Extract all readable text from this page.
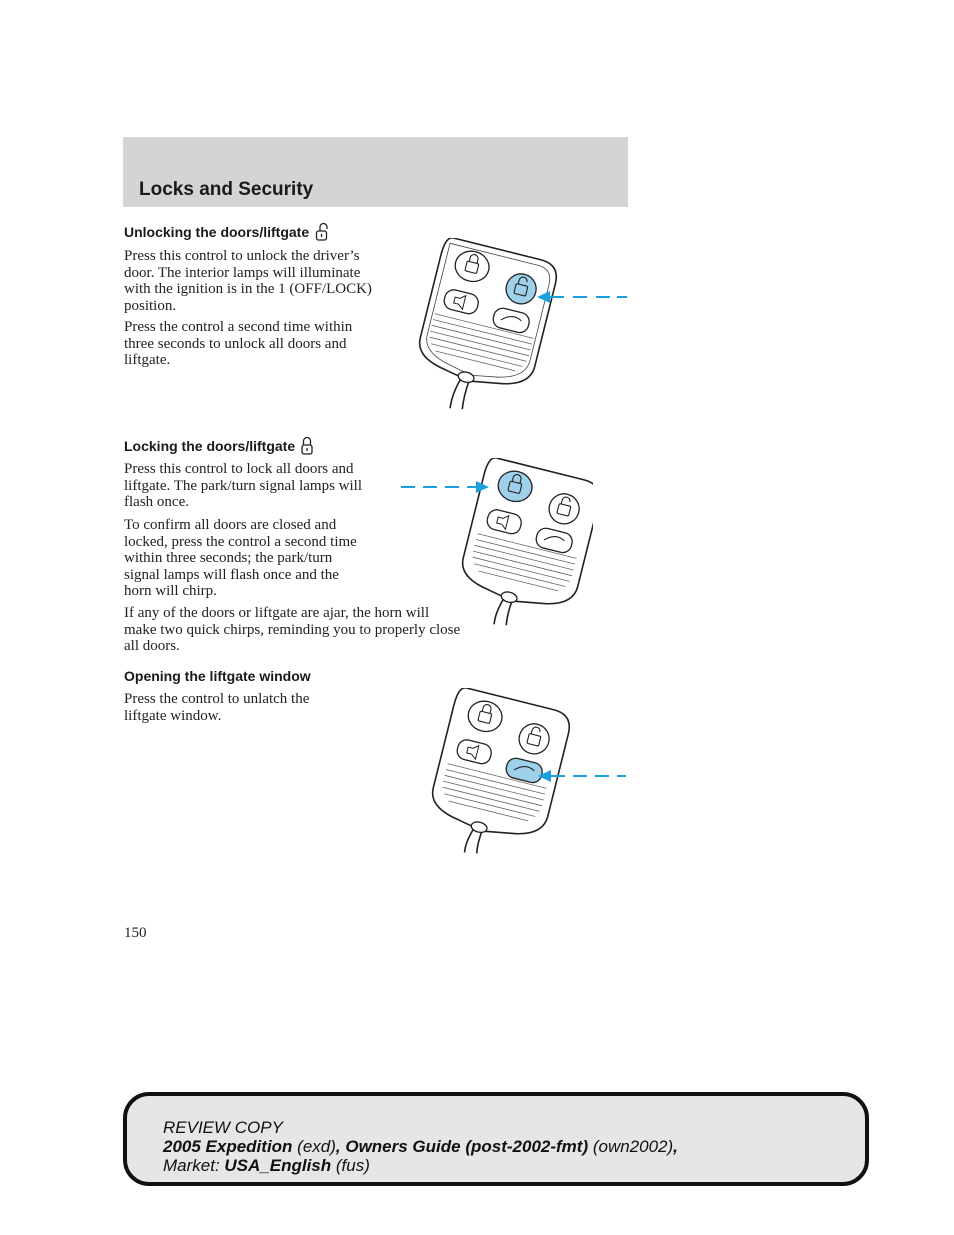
Locks and Security
Unlocking the doors/liftgate
Press this control to unlock the driver’s door. The interior lamps will illuminate with the ignition is in the 1 (OFF/LOCK) position.
Press the control a second time within three seconds to unlock all doors and liftgate.
Locking the doors/liftgate
Press this control to lock all doors and liftgate. The park/turn signal lamps will flash once.
To confirm all doors are closed and locked, press the control a second time within three seconds; the park/turn signal lamps will flash once and the horn will chirp.
If any of the doors or liftgate are ajar, the horn will make two quick chirps, reminding you to properly close all doors.
Opening the liftgate window
Press the control to unlatch the liftgate window.
150
REVIEW COPY
2005 Expedition (exd), Owners Guide (post-2002-fmt) (own2002),
Market: USA_English (fus)
